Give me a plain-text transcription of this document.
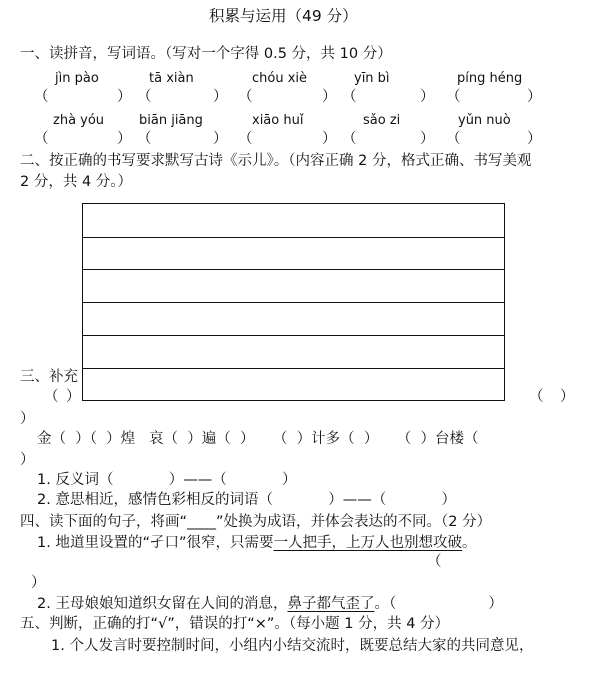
积累与运用（49 分）
一、读拼音，写词语。（写对一个字得 0.5 分，共 10 分）
jìn pào	tā xiàn	chóu xiè	yīn bì	píng héng
（	） （	） （	） （	） （	）
zhà yóu	biān jiāng	xiāo huǐ	sǎo zi	yǔn nuò
（	） （	） （	） （	） （	）
二、按正确的书写要求默写古诗《示儿》。（内容正确 2 分，格式正确、书写美观
2 分，共 4 分。）
三、补充
（ ）	（ ）
）
金（  ）（  ）煌   哀（  ）遍（  ）    （  ）计多（  ）    （  ）台楼（
）
1. 反义词（            ）——（            ）
2. 意思相近，感情色彩相反的词语（            ）——（            ）
四、读下面的句子，将画“____”处换为成语，并体会表达的不同。（2 分）
1. 地道里设置的“孑口”很窄，只需要一人把手，上万人也别想攻破。
（
）
2. 王母娘娘知道织女留在人间的消息，鼻子都气歪了。（                    ）
五、判断，正确的打“√”，错误的打“×”。（每小题 1 分，共 4 分）
1. 个人发言时要控制时间，小组内小结交流时，既要总结大家的共同意见，
